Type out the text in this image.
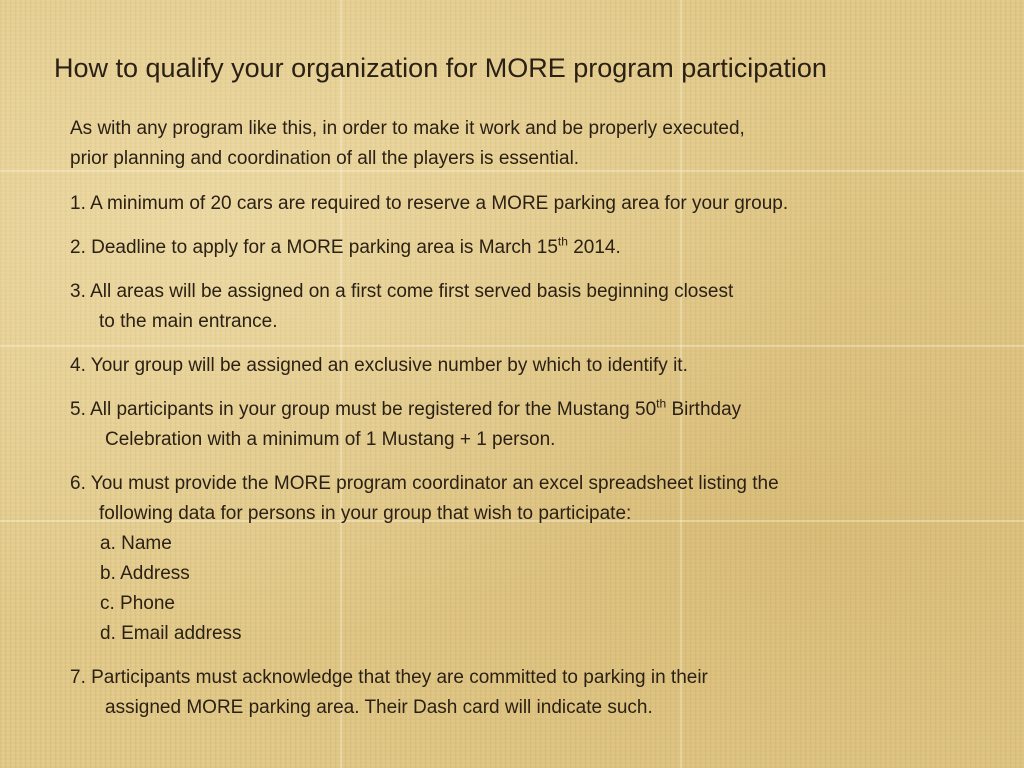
How to qualify your organization for MORE program participation
As with any program like this, in order to make it work and be properly executed,
prior planning and coordination of all the players is essential.
1. A minimum of 20 cars are required to reserve a MORE parking area for your group.
2. Deadline to apply for a MORE parking area is March 15th 2014.
3. All areas will be assigned on a first come first served basis beginning closest
to the main entrance.
4. Your group will be assigned an exclusive number by which to identify it.
5. All participants in your group must be registered for the Mustang 50th Birthday
Celebration with a minimum of 1 Mustang + 1 person.
6. You must provide the MORE program coordinator an excel spreadsheet listing the
following data for persons in your group that wish to participate:
a. Name
b. Address
c. Phone
d. Email address
7. Participants must acknowledge that they are committed to parking in their
assigned MORE parking area. Their Dash card will indicate such.
